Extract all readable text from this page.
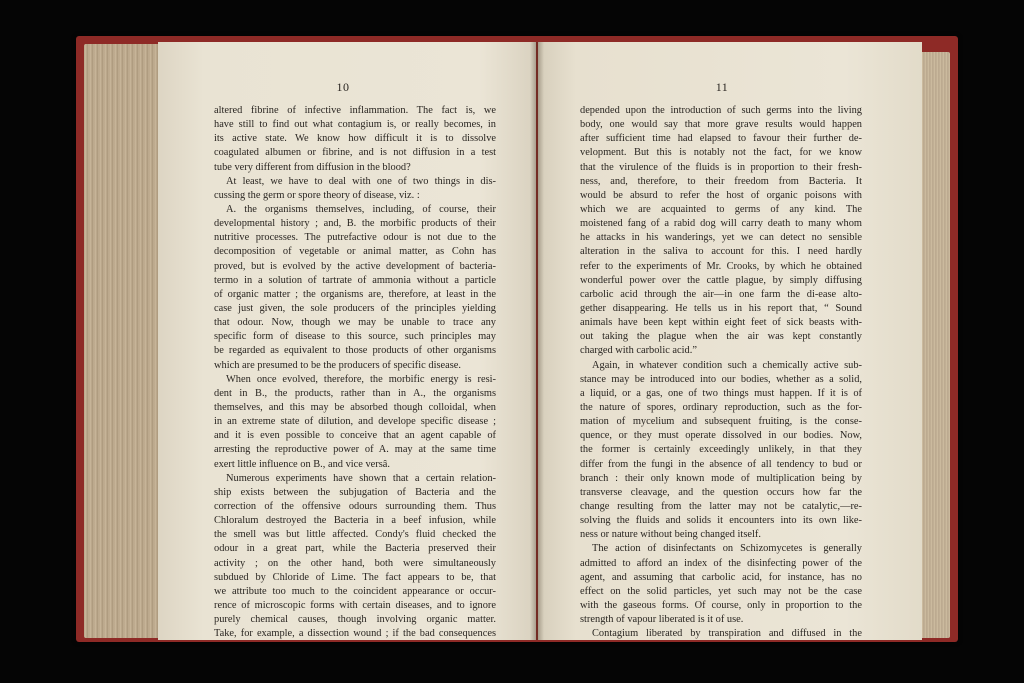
10
altered fibrine of infective inflammation. The fact is, we
have still to find out what contagium is, or really becomes, in
its active state. We know how difficult it is to dissolve
coagulated albumen or fibrine, and is not diffusion in a test
tube very different from diffusion in the blood?
At least, we have to deal with one of two things in dis-
cussing the germ or spore theory of disease, viz. :
A. the organisms themselves, including, of course, their
developmental history ; and, B. the morbific products of their
nutritive processes. The putrefactive odour is not due to the
decomposition of vegetable or animal matter, as Cohn has
proved, but is evolved by the active development of bacteria-
termo in a solution of tartrate of ammonia without a particle
of organic matter ; the organisms are, therefore, at least in the
case just given, the sole producers of the principles yielding
that odour. Now, though we may be unable to trace any
specific form of disease to this source, such principles may
be regarded as equivalent to those products of other organisms
which are presumed to be the producers of specific disease.
When once evolved, therefore, the morbific energy is resi-
dent in B., the products, rather than in A., the organisms
themselves, and this may be absorbed though colloidal, when
in an extreme state of dilution, and develope specific disease ;
and it is even possible to conceive that an agent capable of
arresting the reproductive power of A. may at the same time
exert little influence on B., and vice versâ.
Numerous experiments have shown that a certain relation-
ship exists between the subjugation of Bacteria and the
correction of the offensive odours surrounding them. Thus
Chloralum destroyed the Bacteria in a beef infusion, while
the smell was but little affected. Condy's fluid checked the
odour in a great part, while the Bacteria preserved their
activity ; on the other hand, both were simultaneously
subdued by Chloride of Lime. The fact appears to be, that
we attribute too much to the coincident appearance or occur-
rence of microscopic forms with certain diseases, and to ignore
purely chemical causes, though involving organic matter.
Take, for example, a dissection wound ; if the bad consequences
11
depended upon the introduction of such germs into the living
body, one would say that more grave results would happen
after sufficient time had elapsed to favour their further de-
velopment. But this is notably not the fact, for we know
that the virulence of the fluids is in proportion to their fresh-
ness, and, therefore, to their freedom from Bacteria. It
would be absurd to refer the host of organic poisons with
which we are acquainted to germs of any kind. The
moistened fang of a rabid dog will carry death to many whom
he attacks in his wanderings, yet we can detect no sensible
alteration in the saliva to account for this. I need hardly
refer to the experiments of Mr. Crooks, by which he obtained
wonderful power over the cattle plague, by simply diffusing
carbolic acid through the air—in one farm the di-ease alto-
gether disappearing. He tells us in his report that, “ Sound
animals have been kept within eight feet of sick beasts with-
out taking the plague when the air was kept constantly
charged with carbolic acid.”
Again, in whatever condition such a chemically active sub-
stance may be introduced into our bodies, whether as a solid,
a liquid, or a gas, one of two things must happen. If it is of
the nature of spores, ordinary reproduction, such as the for-
mation of mycelium and subsequent fruiting, is the conse-
quence, or they must operate dissolved in our bodies. Now,
the former is certainly exceedingly unlikely, in that they
differ from the fungi in the absence of all tendency to bud or
branch : their only known mode of multiplication being by
transverse cleavage, and the question occurs how far the
change resulting from the latter may not be catalytic,—re-
solving the fluids and solids it encounters into its own like-
ness or nature without being changed itself.
The action of disinfectants on Schizomycetes is generally
admitted to afford an index of the disinfecting power of the
agent, and assuming that carbolic acid, for instance, has no
effect on the solid particles, yet such may not be the case
with the gaseous forms. Of course, only in proportion to the
strength of vapour liberated is it of use.
Contagium liberated by transpiration and diffused in the
